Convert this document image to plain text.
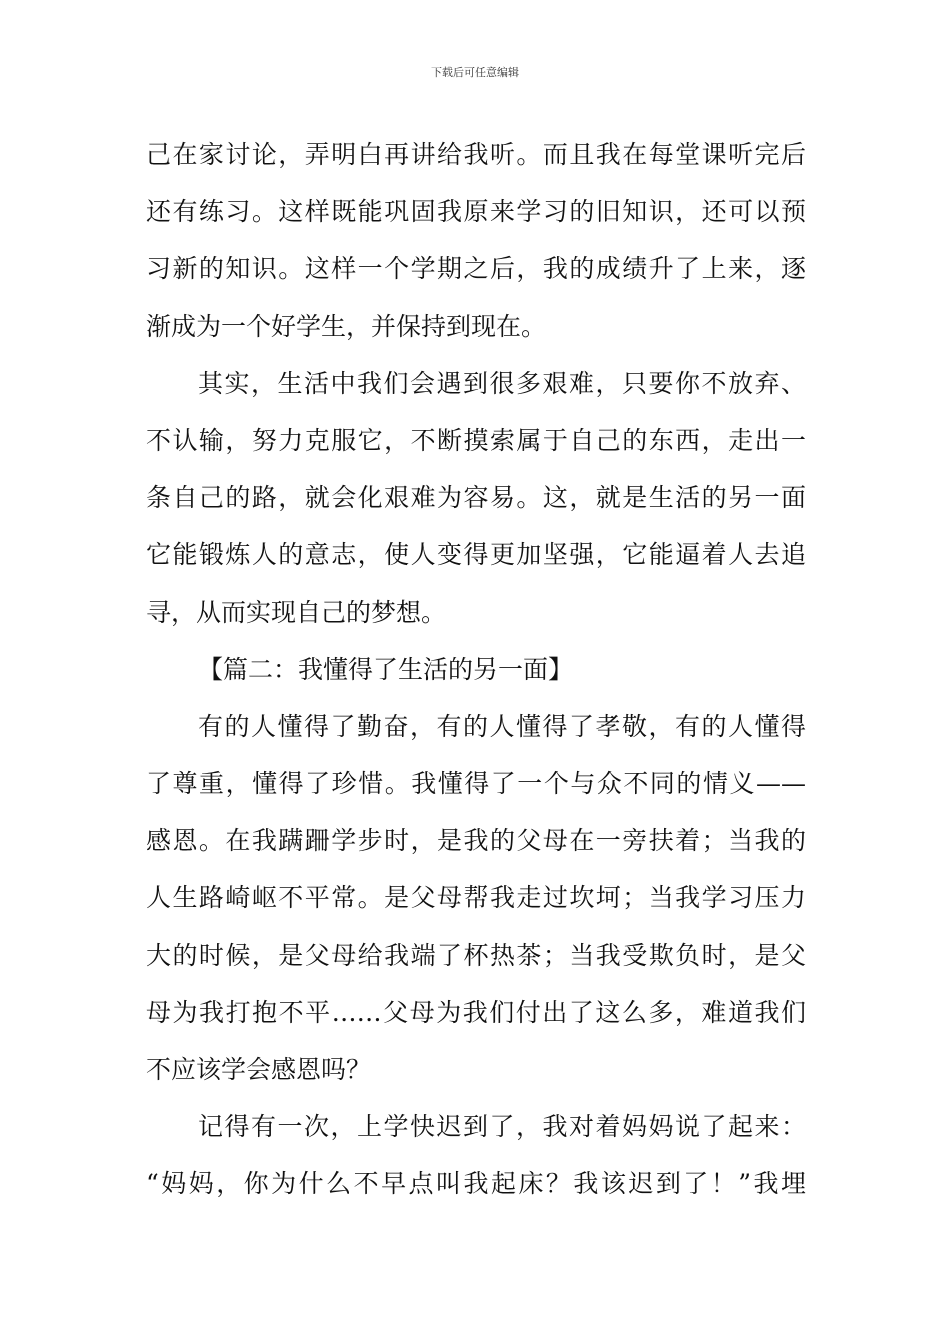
下载后可任意编辑
己在家讨论，弄明白再讲给我听。而且我在每堂课听完后
还有练习。这样既能巩固我原来学习的旧知识，还可以预
习新的知识。这样一个学期之后，我的成绩升了上来，逐
渐成为一个好学生，并保持到现在。
其实，生活中我们会遇到很多艰难，只要你不放弃、
不认输，努力克服它，不断摸索属于自己的东西，走出一
条自己的路，就会化艰难为容易。这，就是生活的另一面
它能锻炼人的意志，使人变得更加坚强，它能逼着人去追
寻，从而实现自己的梦想。
【篇二：我懂得了生活的另一面】
有的人懂得了勤奋，有的人懂得了孝敬，有的人懂得
了尊重，懂得了珍惜。我懂得了一个与众不同的情义——
感恩。在我蹒跚学步时，是我的父母在一旁扶着；当我的
人生路崎岖不平常。是父母帮我走过坎坷；当我学习压力
大的时候，是父母给我端了杯热茶；当我受欺负时，是父
母为我打抱不平……父母为我们付出了这么多，难道我们
不应该学会感恩吗？
记得有一次，上学快迟到了，我对着妈妈说了起来：
“妈妈，你为什么不早点叫我起床？我该迟到了！”我埋
